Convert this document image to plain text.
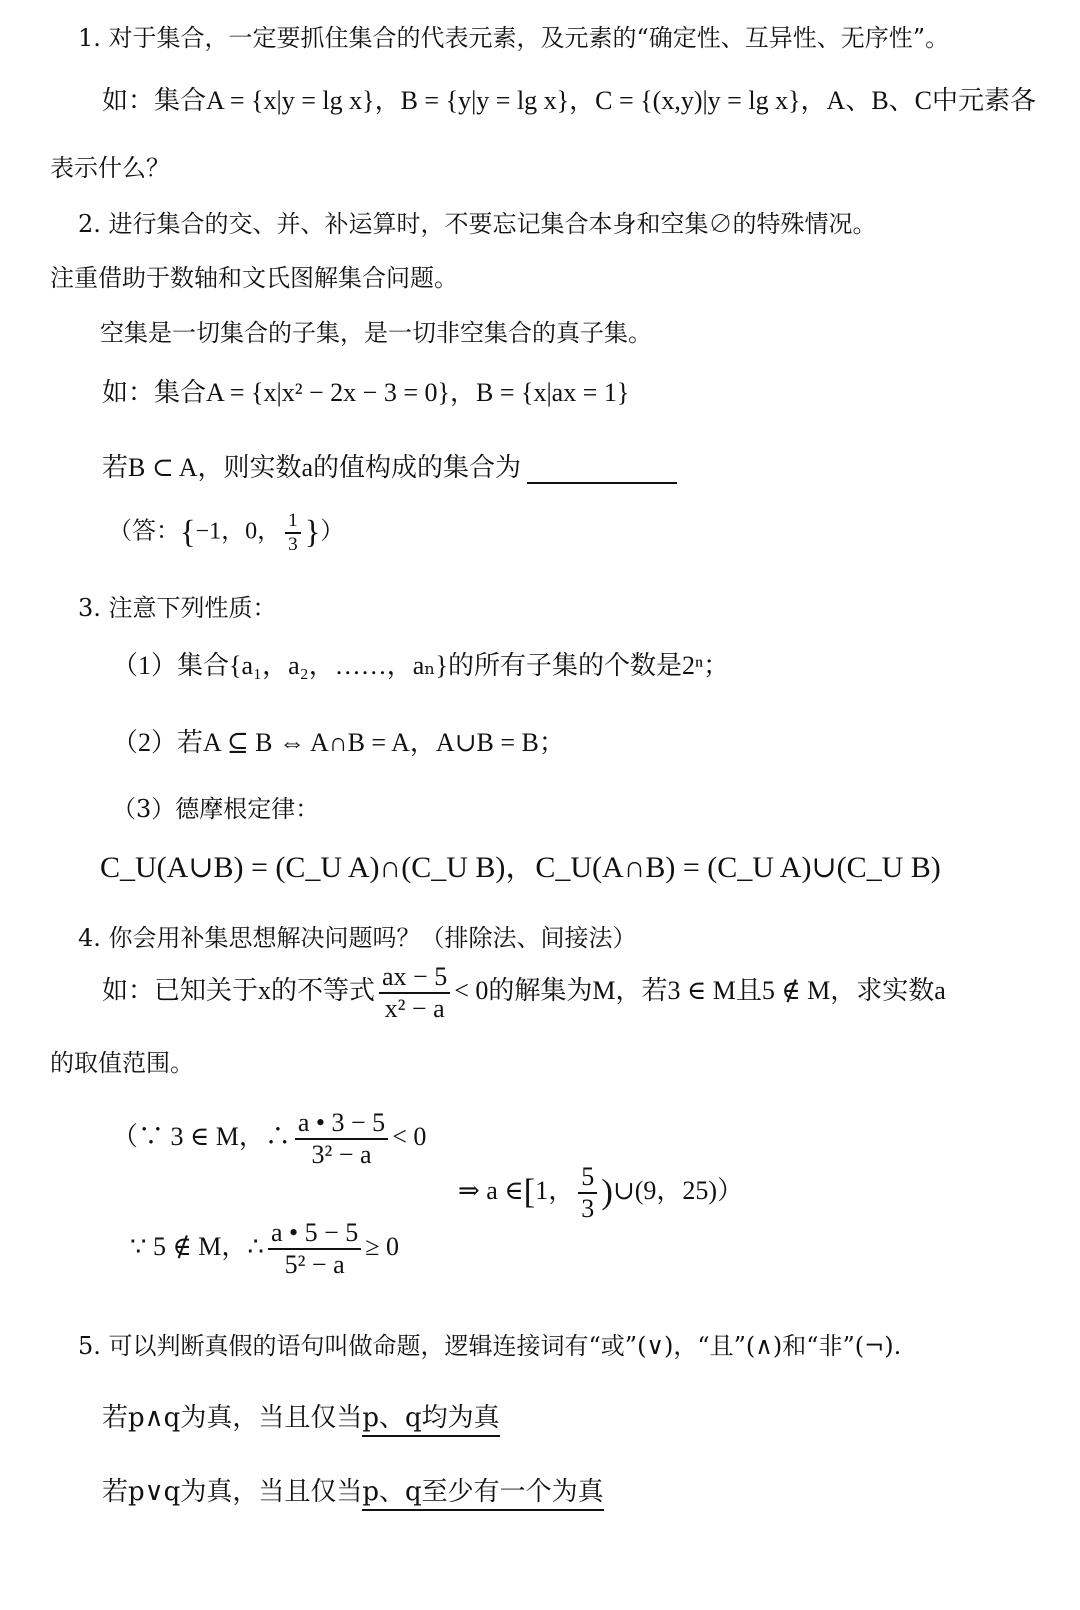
1. 对于集合，一定要抓住集合的代表元素，及元素的“确定性、互异性、无序性”。
如：集合A = {x|y = lg x}，B = {y|y = lg x}，C = {(x,y)|y = lg x}，A、B、C中元素各
表示什么？
2. 进行集合的交、并、补运算时，不要忘记集合本身和空集∅的特殊情况。
注重借助于数轴和文氏图解集合问题。
空集是一切集合的子集，是一切非空集合的真子集。
如：集合A = {x|x² − 2x − 3 = 0}，B = {x|ax = 1}
若B ⊂ A，则实数a的值构成的集合为
（答：{−1，0， $\frac{1}{3}$ }）
3. 注意下列性质：
（1）集合{a₁，a₂，……，aₙ}的所有子集的个数是2ⁿ；
（2）若A ⊆ B ⇔ A∩B = A，A∪B = B；
（3）德摩根定律：
C_U(A∪B) = (C_U A)∩(C_U B)，C_U(A∩B) = (C_U A)∪(C_U B)
4. 你会用补集思想解决问题吗？（排除法、间接法）
如：已知关于x的不等式 $\frac{ax - 5}{\text{x² − a}} < 0$的解集为M，若3 ∈ M且5 ∉ M，求实数a
的取值范围。
（∵ 3 ∈ M，∴ $\frac{a • 3 - 5}{\text{3² − a}} < 0$
∵ 5 ∉ M，∴ $\frac{a • 5 - 5}{\text{5² − a}} \ge 0$
⇒ a ∈[1， $\frac{5}{3}$ )∪(9，25)）
5. 可以判断真假的语句叫做命题，逻辑连接词有“或”(∨)，“且”(∧)和“非”(¬).
若p∧q为真，当且仅当p、q均为真
若p∨q为真，当且仅当p、q至少有一个为真
